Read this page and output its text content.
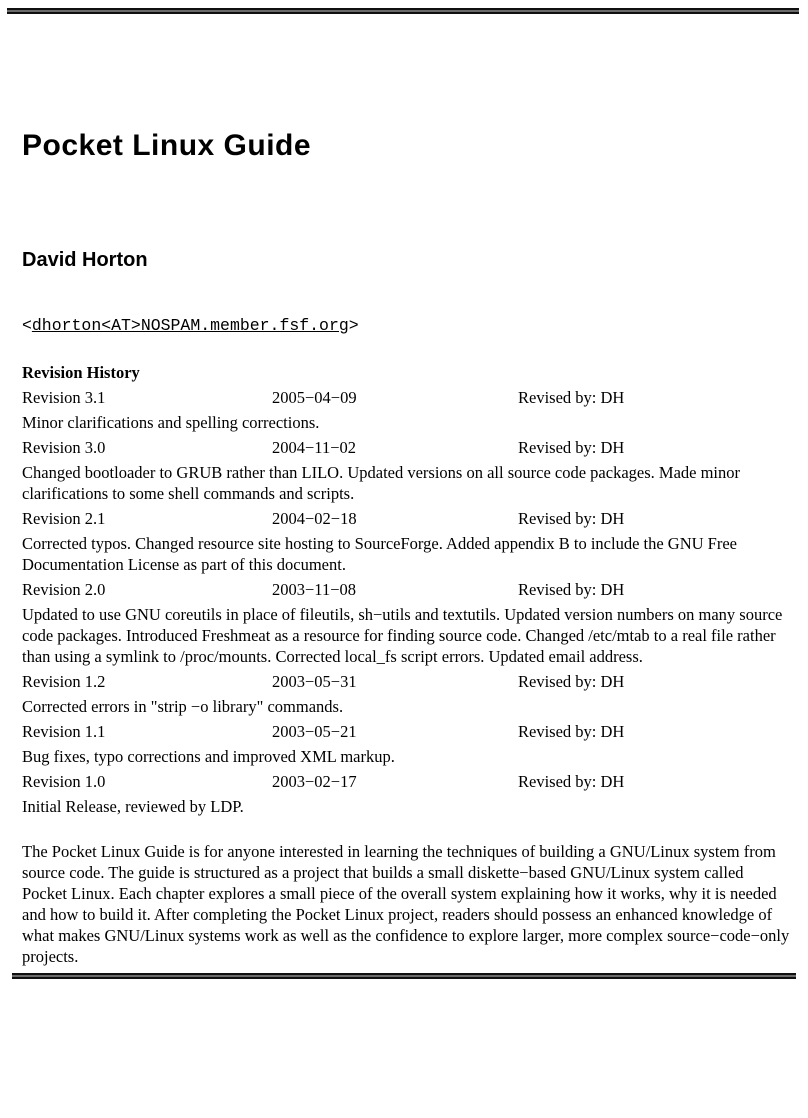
Pocket Linux Guide
David Horton
<dhorton<AT>NOSPAM.member.fsf.org>
Revision History
Revision 3.1	2005−04−09	Revised by: DH

Minor clarifications and spelling corrections.

Revision 3.0	2004−11−02	Revised by: DH

Changed bootloader to GRUB rather than LILO. Updated versions on all source code packages. Made minor clarifications to some shell commands and scripts.

Revision 2.1	2004−02−18	Revised by: DH

Corrected typos. Changed resource site hosting to SourceForge. Added appendix B to include the GNU Free Documentation License as part of this document.

Revision 2.0	2003−11−08	Revised by: DH

Updated to use GNU coreutils in place of fileutils, sh−utils and textutils. Updated version numbers on many source code packages. Introduced Freshmeat as a resource for finding source code. Changed /etc/mtab to a real file rather than using a symlink to /proc/mounts. Corrected local_fs script errors. Updated email address.

Revision 1.2	2003−05−31	Revised by: DH

Corrected errors in "strip −o library" commands.

Revision 1.1	2003−05−21	Revised by: DH

Bug fixes, typo corrections and improved XML markup.

Revision 1.0	2003−02−17	Revised by: DH

Initial Release, reviewed by LDP.

The Pocket Linux Guide is for anyone interested in learning the techniques of building a GNU/Linux system from source code. The guide is structured as a project that builds a small diskette−based GNU/Linux system called Pocket Linux. Each chapter explores a small piece of the overall system explaining how it works, why it is needed and how to build it. After completing the Pocket Linux project, readers should possess an enhanced knowledge of what makes GNU/Linux systems work as well as the confidence to explore larger, more complex source−code−only projects.
